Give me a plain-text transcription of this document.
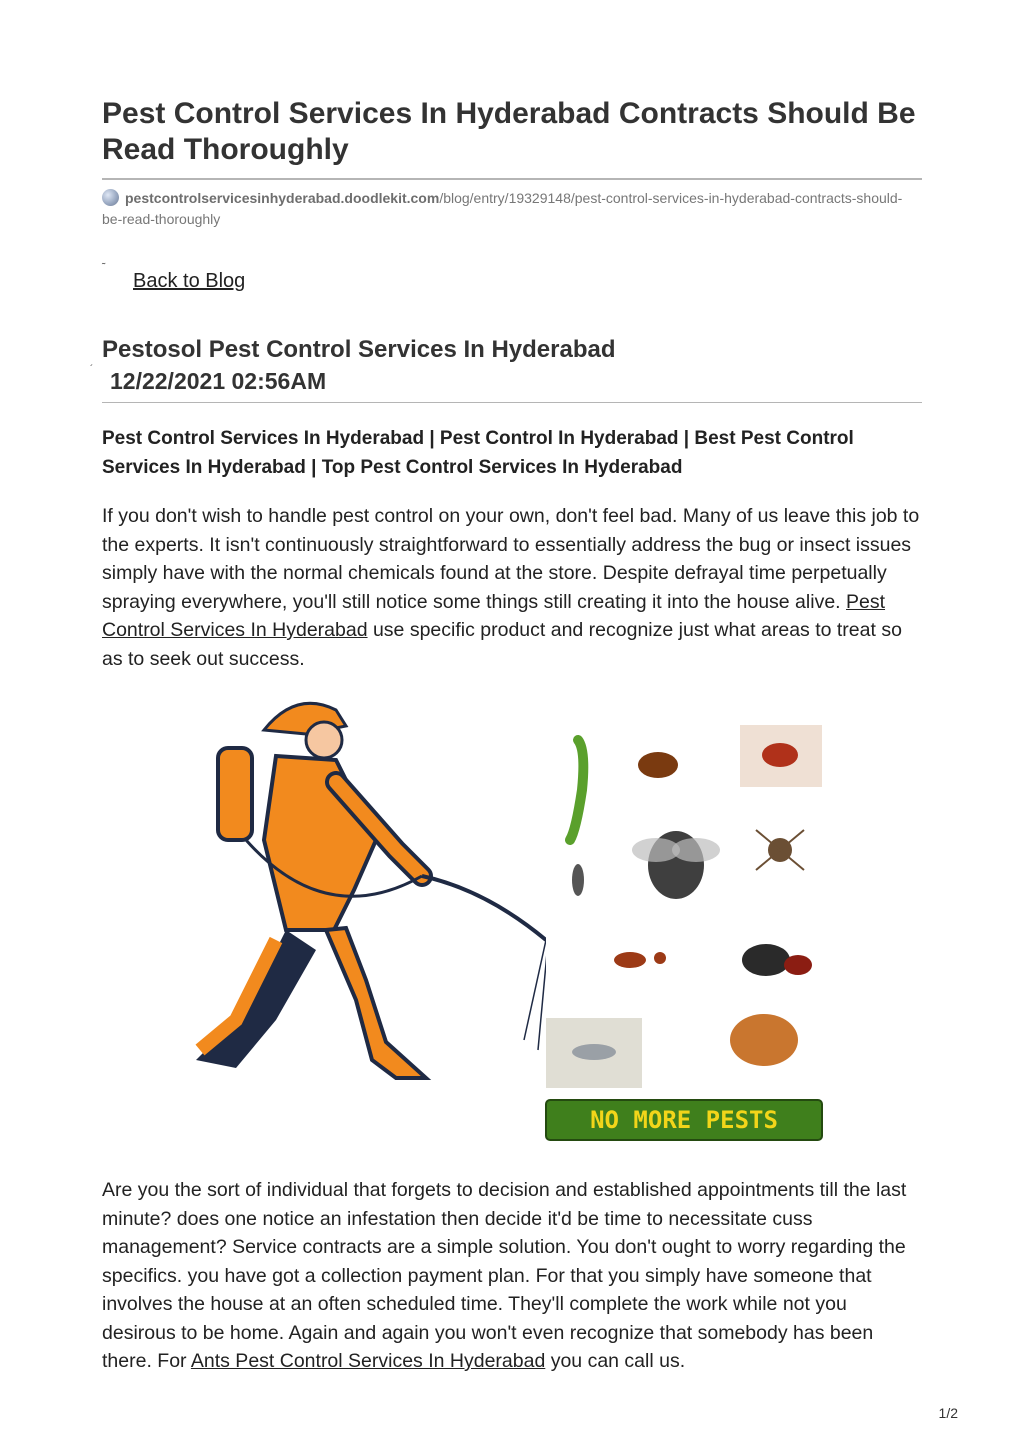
Pest Control Services In Hyderabad Contracts Should Be Read Thoroughly
pestcontrolservicesinhyderabad.doodlekit.com/blog/entry/19329148/pest-control-services-in-hyderabad-contracts-should-be-read-thoroughly
˜
Back to Blog
Pestosol Pest Control Services In Hyderabad
´ 12/22/2021 02:56AM

Pest Control Services In Hyderabad | Pest Control In Hyderabad | Best Pest Control Services In Hyderabad | Top Pest Control Services In Hyderabad

If you don't wish to handle pest control on your own, don't feel bad. Many of us leave this job to the experts. It isn't continuously straightforward to essentially address the bug or insect issues simply have with the normal chemicals found at the store. Despite defrayal time perpetually spraying everywhere, you'll still notice some things still creating it into the house alive. Pest Control Services In Hyderabad use specific product and recognize just what areas to treat so as to seek out success.

NO MORE PESTS

Are you the sort of individual that forgets to decision and established appointments till the last minute? does one notice an infestation then decide it'd be time to necessitate cuss management? Service contracts are a simple solution. You don't ought to worry regarding the specifics. you have got a collection payment plan. For that you simply have someone that involves the house at an often scheduled time. They'll complete the work while not you desirous to be home. Again and again you won't even recognize that somebody has been there. For Ants Pest Control Services In Hyderabad you can call us.

1/2
